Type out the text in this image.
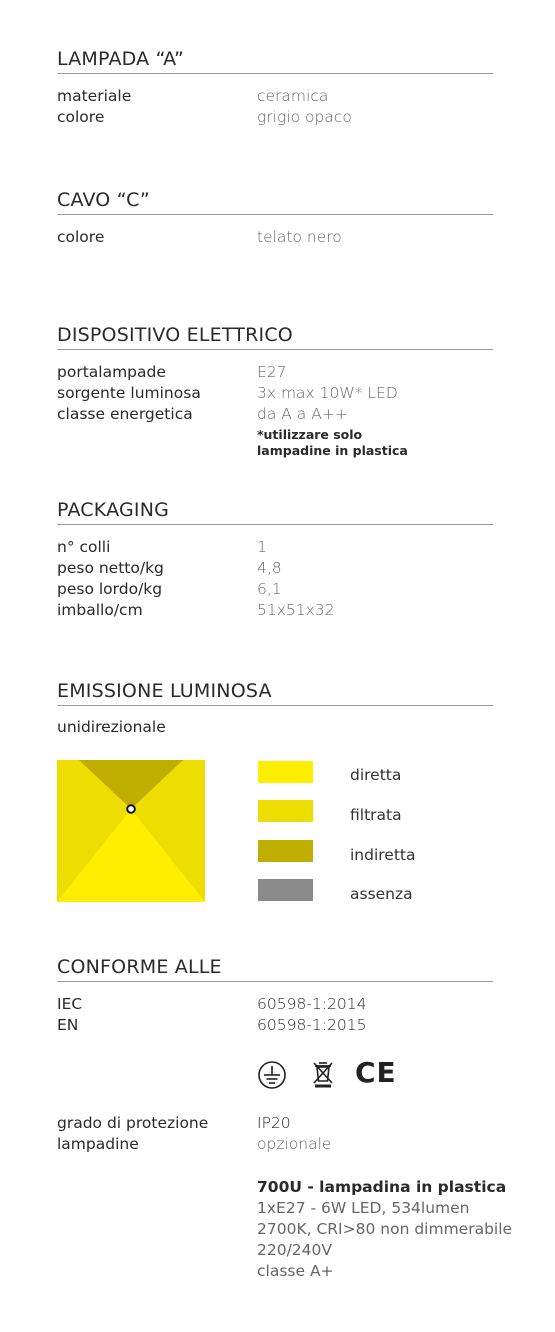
LAMPADA “A”
materiale	ceramica
colore	grigio opaco
CAVO “C”
colore	telato nero
DISPOSITIVO ELETTRICO
portalampade	E27
sorgente luminosa	3x max 10W* LED
classe energetica	da A a A++
*utilizzare solo
lampadine in plastica
PACKAGING
n° colli	1
peso netto/kg	4,8
peso lordo/kg	6,1
imballo/cm	51x51x32
EMISSIONE LUMINOSA
unidirezionale
diretta
filtrata
indiretta
assenza
CONFORME ALLE
IEC	60598-1:2014
EN	60598-1:2015
CE
grado di protezione	IP20
lampadine	opzionale
700U - lampadina in plastica
1xE27 - 6W LED, 534lumen
2700K, CRI>80 non dimmerabile
220/240V
classe A+
